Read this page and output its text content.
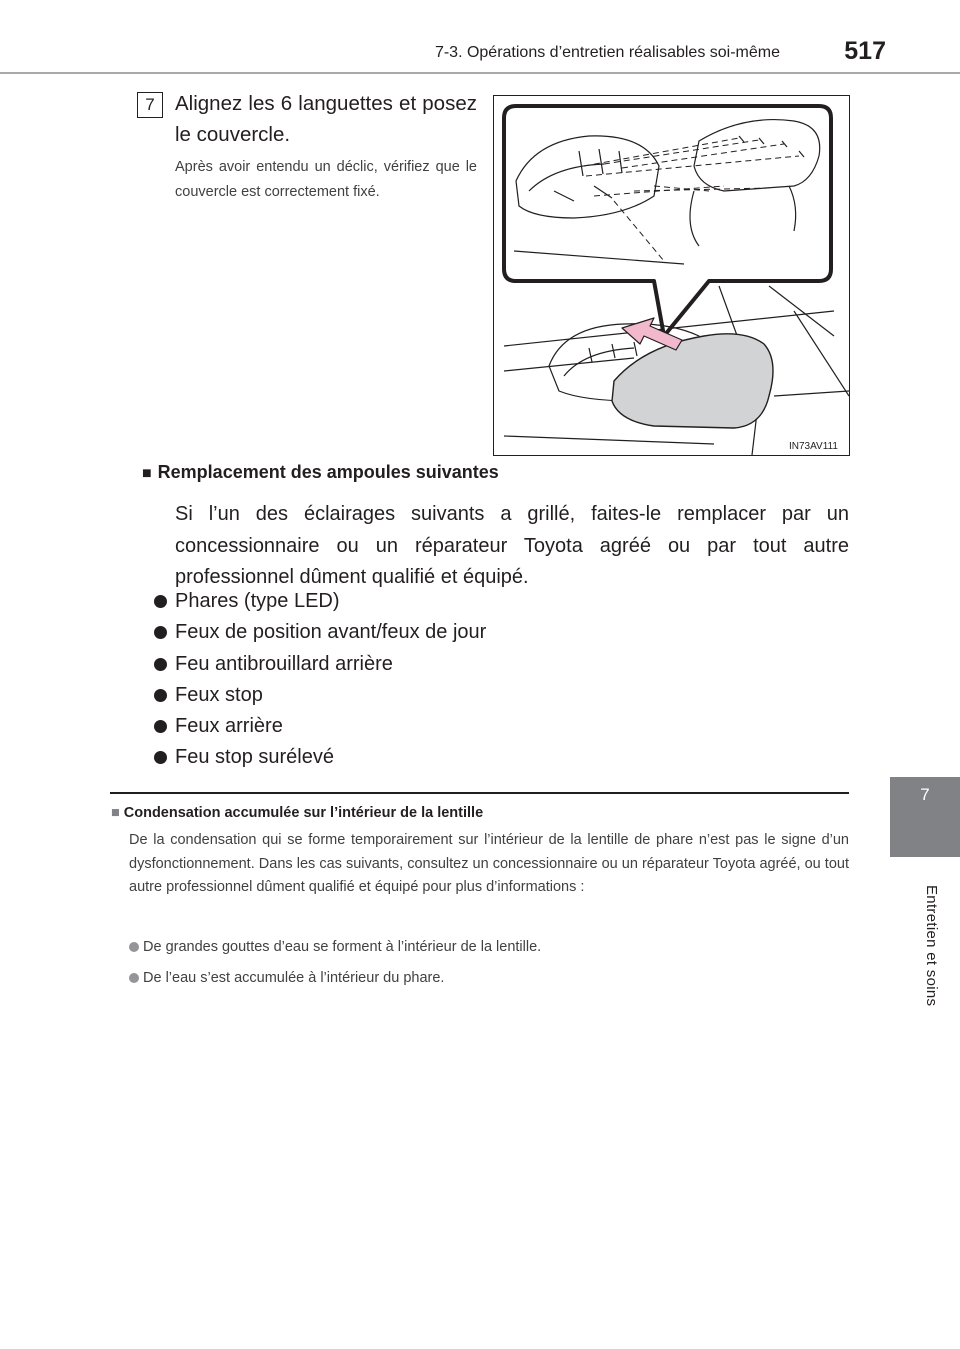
7-3. Opérations d’entretien réalisables soi-même	517
7
Entretien et soins
7 Alignez les 6 languettes et posez le couvercle.
Après avoir entendu un déclic, vérifiez que le couvercle est correctement fixé.
IN73AV111
■ Remplacement des ampoules suivantes
Si l’un des éclairages suivants a grillé, faites-le remplacer par un concessionnaire ou un réparateur Toyota agréé ou par tout autre professionnel dûment qualifié et équipé.
Phares (type LED)
Feux de position avant/feux de jour
Feu antibrouillard arrière
Feux stop
Feux arrière
Feu stop surélevé
■ Condensation accumulée sur l’intérieur de la lentille
De la condensation qui se forme temporairement sur l’intérieur de la lentille de phare n’est pas le signe d’un dysfonctionnement. Dans les cas suivants, consultez un concessionnaire ou un réparateur Toyota agréé, ou tout autre professionnel dûment qualifié et équipé pour plus d’informations :
De grandes gouttes d’eau se forment à l’intérieur de la lentille.
De l’eau s’est accumulée à l’intérieur du phare.
